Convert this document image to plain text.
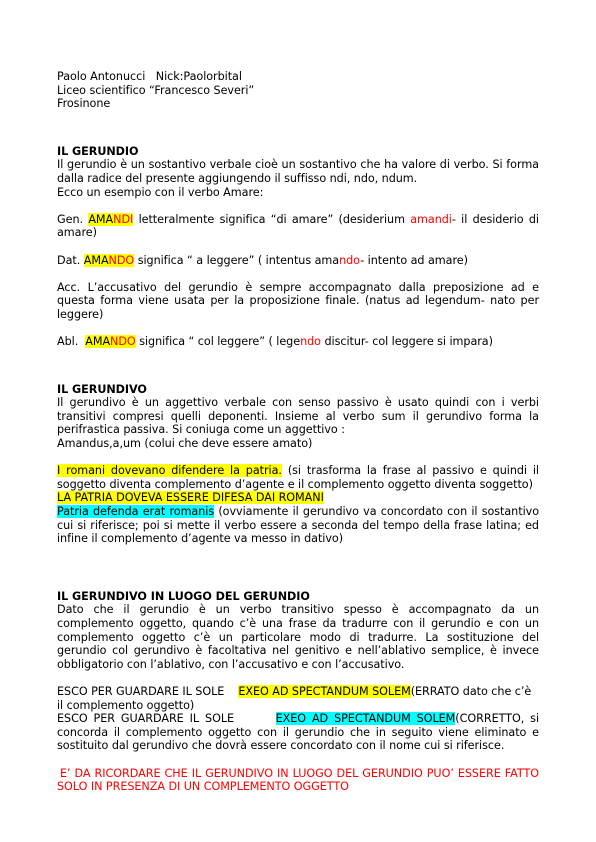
Paolo Antonucci   Nick:Paolorbital

Liceo scientifico “Francesco Severi”

Frosinone

IL GERUNDIO

Il gerundio è un sostantivo verbale cioè un sostantivo che ha valore di verbo. Si forma dalla radice del presente aggiungendo il suffisso ndi, ndo, ndum.

Ecco un esempio con il verbo Amare:

Gen. AMANDI letteralmente significa “di amare” (desiderium amandi- il desiderio di amare)

Dat. AMANDO significa “ a leggere” ( intentus amando- intento ad amare)

Acc. L’accusativo del gerundio è sempre accompagnato dalla preposizione ad e questa forma viene usata per la proposizione finale. (natus ad legendum- nato per leggere)

Abl.  AMANDO significa “ col leggere” ( legendo discitur- col leggere si impara)

IL GERUNDIVO

Il gerundivo è un aggettivo verbale con senso passivo è usato quindi con i verbi transitivi compresi quelli deponenti. Insieme al verbo sum il gerundivo forma la perifrastica passiva. Si coniuga come un aggettivo :

Amandus,a,um (colui che deve essere amato)

I romani dovevano difendere la patria. (si trasforma la frase al passivo e quindi il soggetto diventa complemento d’agente e il complemento oggetto diventa soggetto)

LA PATRIA DOVEVA ESSERE DIFESA DAI ROMANI

Patria defenda erat romanis (ovviamente il gerundivo va concordato con il sostantivo cui si riferisce; poi si mette il verbo essere a seconda del tempo della frase latina; ed infine il complemento d’agente va messo in dativo)

IL GERUNDIVO IN LUOGO DEL GERUNDIO

Dato che il gerundio è un verbo transitivo spesso è accompagnato da un complemento oggetto, quando c’è una frase da tradurre con il gerundio e con un complemento oggetto c’è un particolare modo di tradurre. La sostituzione del gerundio col gerundivo è facoltativa nel genitivo e nell’ablativo semplice, è invece obbligatorio con l’ablativo, con l’accusativo e con l’accusativo.

ESCO PER GUARDARE IL SOLE    EXEO AD SPECTANDUM SOLEM(ERRATO dato che c’è il complemento oggetto)

ESCO PER GUARDARE IL SOLE       EXEO AD SPECTANDUM SOLEM(CORRETTO, si concorda il complemento oggetto con il gerundio che in seguito viene eliminato e sostituito dal gerundivo che dovrà essere concordato con il nome cui si riferisce.

E’ DA RICORDARE CHE IL GERUNDIVO IN LUOGO DEL GERUNDIO PUO’ ESSERE FATTO SOLO IN PRESENZA DI UN COMPLEMENTO OGGETTO
